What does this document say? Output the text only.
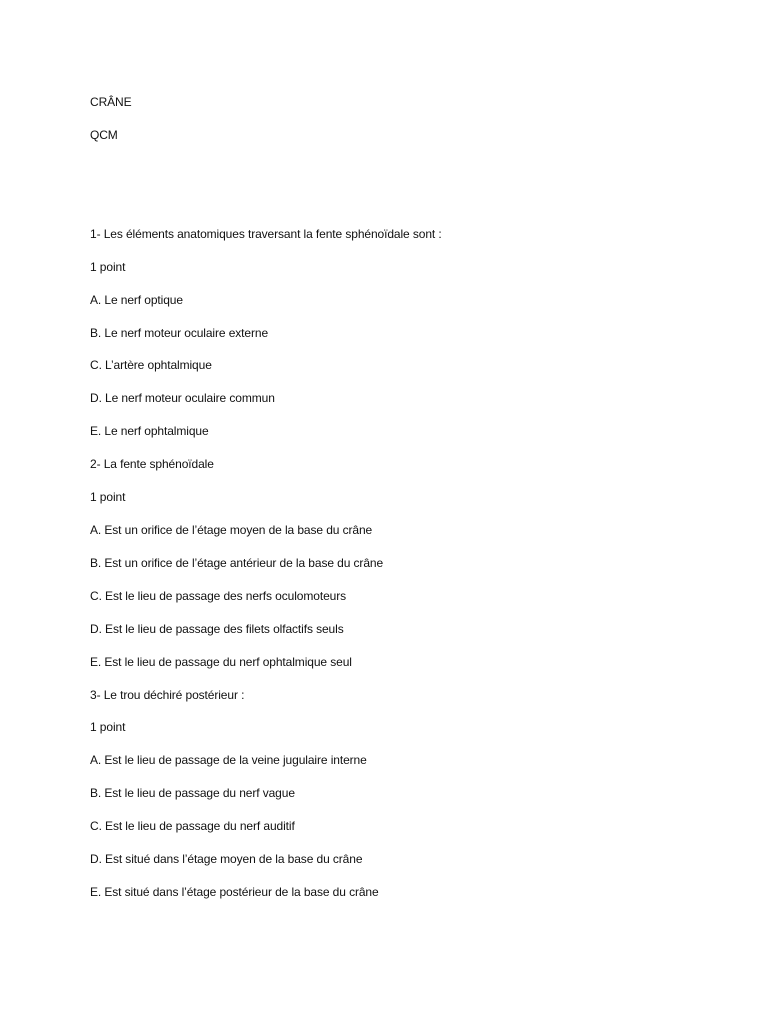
CRÂNE

QCM

1- Les éléments anatomiques traversant la fente sphénoïdale sont :

1 point

A. Le nerf optique

B. Le nerf moteur oculaire externe

C. L’artère ophtalmique

D. Le nerf moteur oculaire commun

E. Le nerf ophtalmique

2- La fente sphénoïdale

1 point

A. Est un orifice de l’étage moyen de la base du crâne

B. Est un orifice de l’étage antérieur de la base du crâne

C. Est le lieu de passage des nerfs oculomoteurs

D. Est le lieu de passage des filets olfactifs seuls

E. Est le lieu de passage du nerf ophtalmique seul

3- Le trou déchiré postérieur :

1 point

A. Est le lieu de passage de la veine jugulaire interne

B. Est le lieu de passage du nerf vague

C. Est le lieu de passage du nerf auditif

D. Est situé dans l’étage moyen de la base du crâne

E. Est situé dans l’étage postérieur de la base du crâne
